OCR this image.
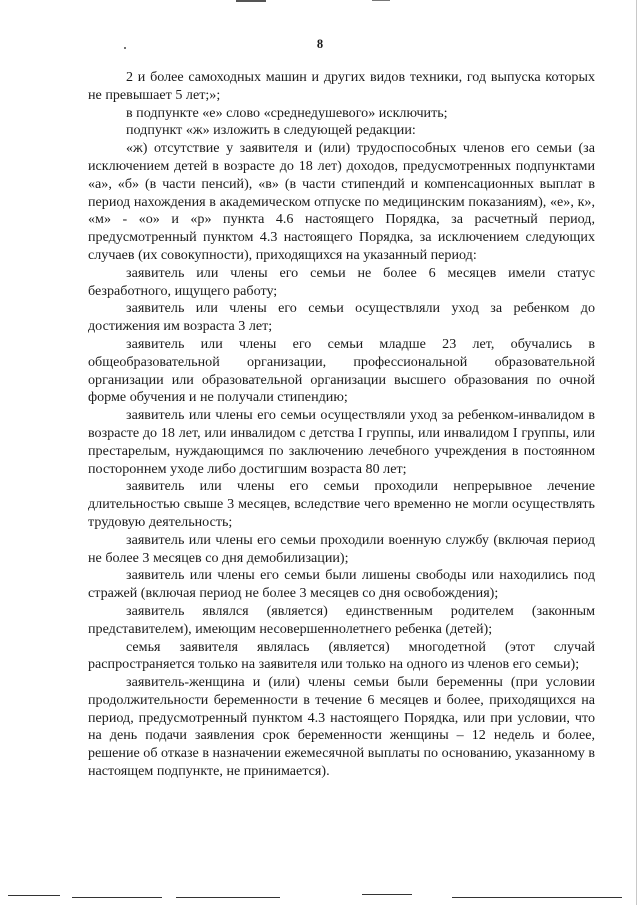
8

2 и более самоходных машин и других видов техники, год выпуска которых не превышает 5 лет;»;

в подпункте «е» слово «среднедушевого» исключить;

подпункт «ж» изложить в следующей редакции:

«ж) отсутствие у заявителя и (или) трудоспособных членов его семьи (за исключением детей в возрасте до 18 лет) доходов, предусмотренных подпунктами «а», «б» (в части пенсий), «в» (в части стипендий и компенсационных выплат в период нахождения в академическом отпуске по медицинским показаниям), «е», к», «м» - «о» и «р» пункта 4.6 настоящего Порядка, за расчетный период, предусмотренный пунктом 4.3 настоящего Порядка, за исключением следующих случаев (их совокупности), приходящихся на указанный период:

заявитель или члены его семьи не более 6 месяцев имели статус безработного, ищущего работу;

заявитель или члены его семьи осуществляли уход за ребенком до достижения им возраста 3 лет;

заявитель или члены его семьи младше 23 лет, обучались в общеобразовательной организации, профессиональной образовательной организации или образовательной организации высшего образования по очной форме обучения и не получали стипендию;

заявитель или члены его семьи осуществляли уход за ребенком-инвалидом в возрасте до 18 лет, или инвалидом с детства I группы, или инвалидом I группы, или престарелым, нуждающимся по заключению лечебного учреждения в постоянном постороннем уходе либо достигшим возраста 80 лет;

заявитель или члены его семьи проходили непрерывное лечение длительностью свыше 3 месяцев, вследствие чего временно не могли осуществлять трудовую деятельность;

заявитель или члены его семьи проходили военную службу (включая период не более 3 месяцев со дня демобилизации);

заявитель или члены его семьи были лишены свободы или находились под стражей (включая период не более 3 месяцев со дня освобождения);

заявитель являлся (является) единственным родителем (законным представителем), имеющим несовершеннолетнего ребенка (детей);

семья заявителя являлась (является) многодетной (этот случай распространяется только на заявителя или только на одного из членов его семьи);

заявитель-женщина и (или) члены семьи были беременны (при условии продолжительности беременности в течение 6 месяцев и более, приходящихся на период, предусмотренный пунктом 4.3 настоящего Порядка, или при условии, что на день подачи заявления срок беременности женщины – 12 недель и более, решение об отказе в назначении ежемесячной выплаты по основанию, указанному в настоящем подпункте, не принимается).
